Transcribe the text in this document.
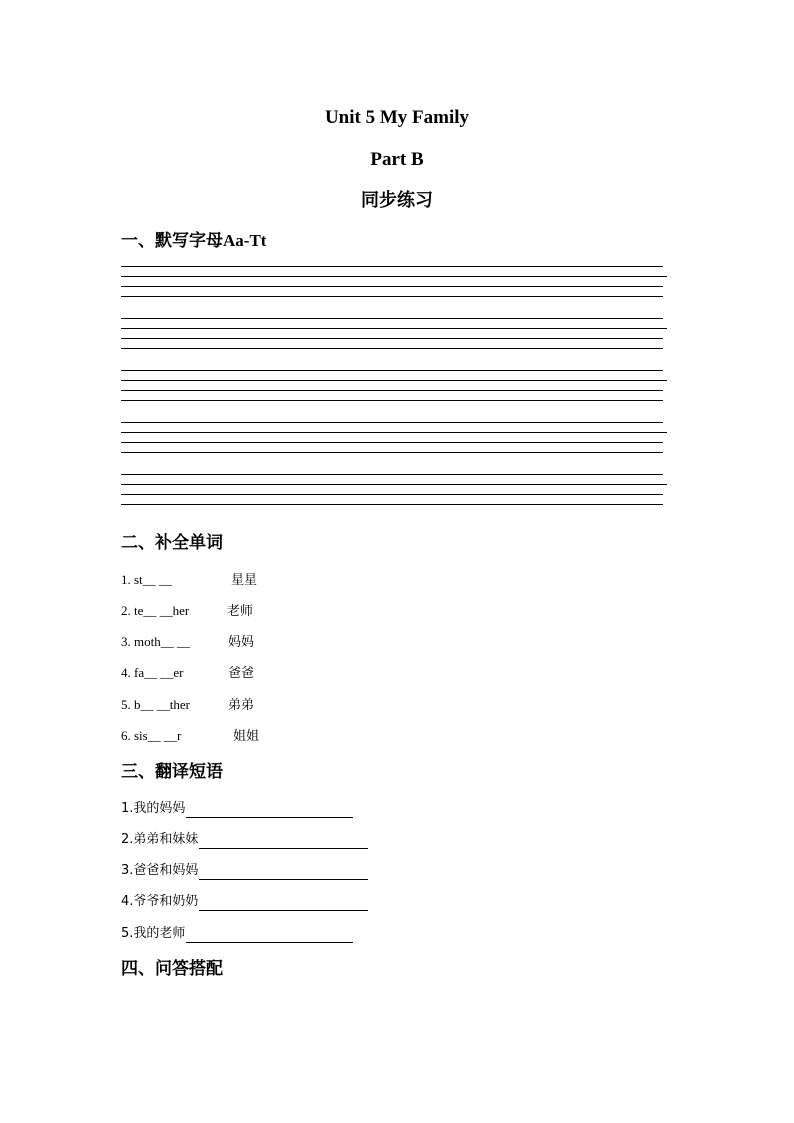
Unit 5 My Family
Part B
同步练习
一、默写字母Aa-Tt
二、补全单词
1. st__ __	星星
2. te__ __her	老师
3. moth__ __	妈妈
4. fa__ __er	爸爸
5. b__ __ther	弟弟
6. sis__ __r	姐姐
三、翻译短语
1.我的妈妈
2.弟弟和妹妹
3.爸爸和妈妈
4.爷爷和奶奶
5.我的老师
四、问答搭配
